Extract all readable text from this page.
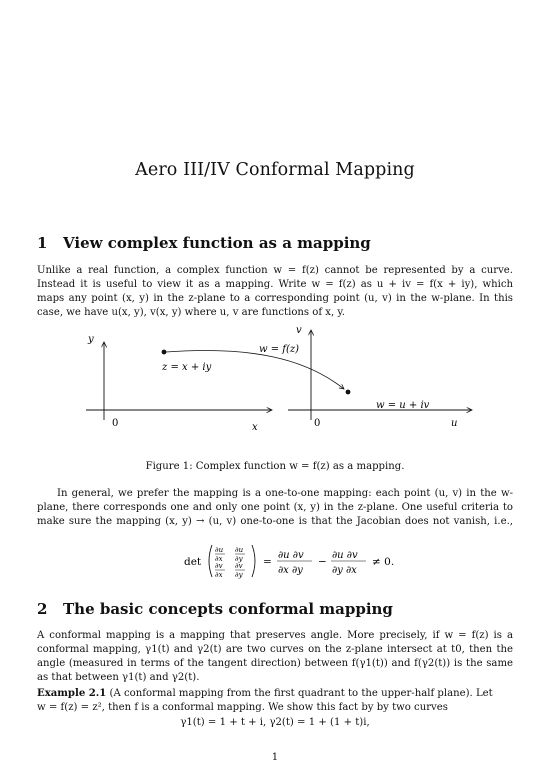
Aero III/IV Conformal Mapping
1 View complex function as a mapping
Unlike a real function, a complex function w = f(z) cannot be represented by a curve.
Instead it is useful to view it as a mapping. Write w = f(z) as u + iv = f(x + iy), which
maps any point (x, y) in the z-plane to a corresponding point (u, v) in the w-plane. In this
case, we have u(x, y), v(x, y) where u, v are functions of x, y.
y
x
0
v
u
0
z = x + iy
w = u + iv
w = f(z)
Figure 1: Complex function w = f(z) as a mapping.
In general, we prefer the mapping is a one-to-one mapping: each point (u, v) in the w-
plane, there corresponds one and only one point (x, y) in the z-plane. One useful criteria to
make sure the mapping (x, y) → (u, v) one-to-one is that the Jacobian does not vanish, i.e.,
det
∂u
∂x
∂u
∂y
∂v
∂x
∂v
∂y
=
∂u ∂v
∂x ∂y
−
∂u ∂v
∂y ∂x
≠ 0.
2 The basic concepts conformal mapping
A conformal mapping is a mapping that preserves angle. More precisely, if w = f(z) is a
conformal mapping, γ1(t) and γ2(t) are two curves on the z-plane intersect at t0, then the
angle (measured in terms of the tangent direction) between f(γ1(t)) and f(γ2(t)) is the same
as that between γ1(t) and γ2(t).
Example 2.1 (A conformal mapping from the first quadrant to the upper-half plane). Let
w = f(z) = z², then f is a conformal mapping. We show this fact by by two curves
γ1(t) = 1 + t + i, γ2(t) = 1 + (1 + t)i,
1
